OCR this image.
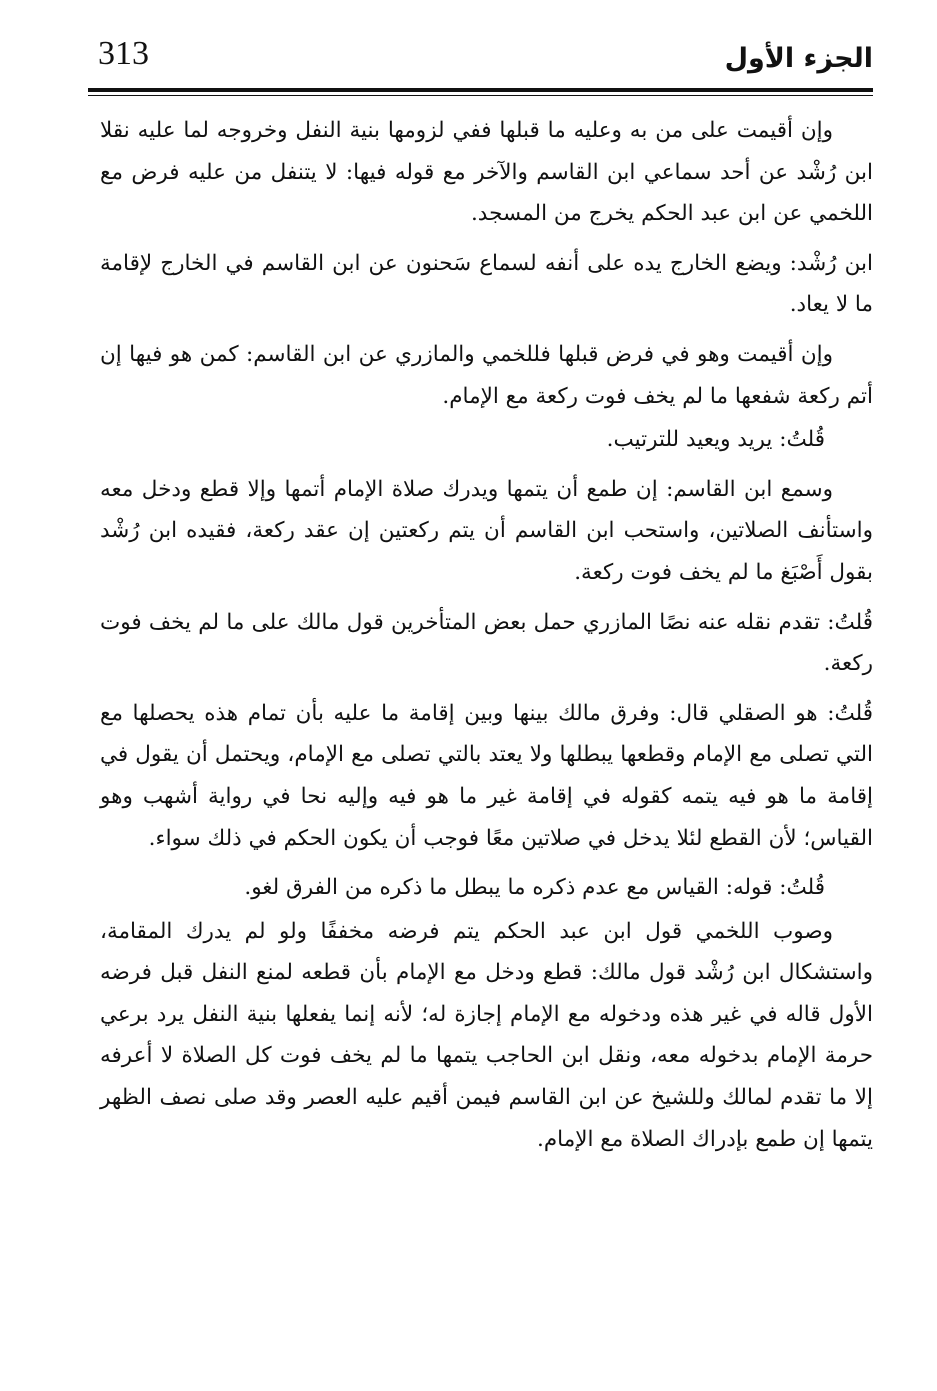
313	الجزء الأول

وإن أقيمت على من به وعليه ما قبلها ففي لزومها بنية النفل وخروجه لما عليه نقلا ابن رُشْد عن أحد سماعي ابن القاسم والآخر مع قوله فيها: لا يتنفل من عليه فرض مع اللخمي عن ابن عبد الحكم يخرج من المسجد.

ابن رُشْد: ويضع الخارج يده على أنفه لسماع سَحنون عن ابن القاسم في الخارج لإقامة ما لا يعاد.

وإن أقيمت وهو في فرض قبلها فللخمي والمازري عن ابن القاسم: كمن هو فيها إن أتم ركعة شفعها ما لم يخف فوت ركعة مع الإمام.

قُلتُ: يريد ويعيد للترتيب.

وسمع ابن القاسم: إن طمع أن يتمها ويدرك صلاة الإمام أتمها وإلا قطع ودخل معه واستأنف الصلاتين، واستحب ابن القاسم أن يتم ركعتين إن عقد ركعة، فقيده ابن رُشْد بقول أَصْبَغ ما لم يخف فوت ركعة.

قُلتُ: تقدم نقله عنه نصًا المازري حمل بعض المتأخرين قول مالك على ما لم يخف فوت ركعة.

قُلتُ: هو الصقلي قال: وفرق مالك بينها وبين إقامة ما عليه بأن تمام هذه يحصلها مع التي تصلى مع الإمام وقطعها يبطلها ولا يعتد بالتي تصلى مع الإمام، ويحتمل أن يقول في إقامة ما هو فيه يتمه كقوله في إقامة غير ما هو فيه وإليه نحا في رواية أشهب وهو القياس؛ لأن القطع لئلا يدخل في صلاتين معًا فوجب أن يكون الحكم في ذلك سواء.

قُلتُ: قوله: القياس مع عدم ذكره ما يبطل ما ذكره من الفرق لغو.

وصوب اللخمي قول ابن عبد الحكم يتم فرضه مخففًا ولو لم يدرك المقامة، واستشكال ابن رُشْد قول مالك: قطع ودخل مع الإمام بأن قطعه لمنع النفل قبل فرضه الأول قاله في غير هذه ودخوله مع الإمام إجازة له؛ لأنه إنما يفعلها بنية النفل يرد برعي حرمة الإمام بدخوله معه، ونقل ابن الحاجب يتمها ما لم يخف فوت كل الصلاة لا أعرفه إلا ما تقدم لمالك وللشيخ عن ابن القاسم فيمن أقيم عليه العصر وقد صلى نصف الظهر يتمها إن طمع بإدراك الصلاة مع الإمام.
